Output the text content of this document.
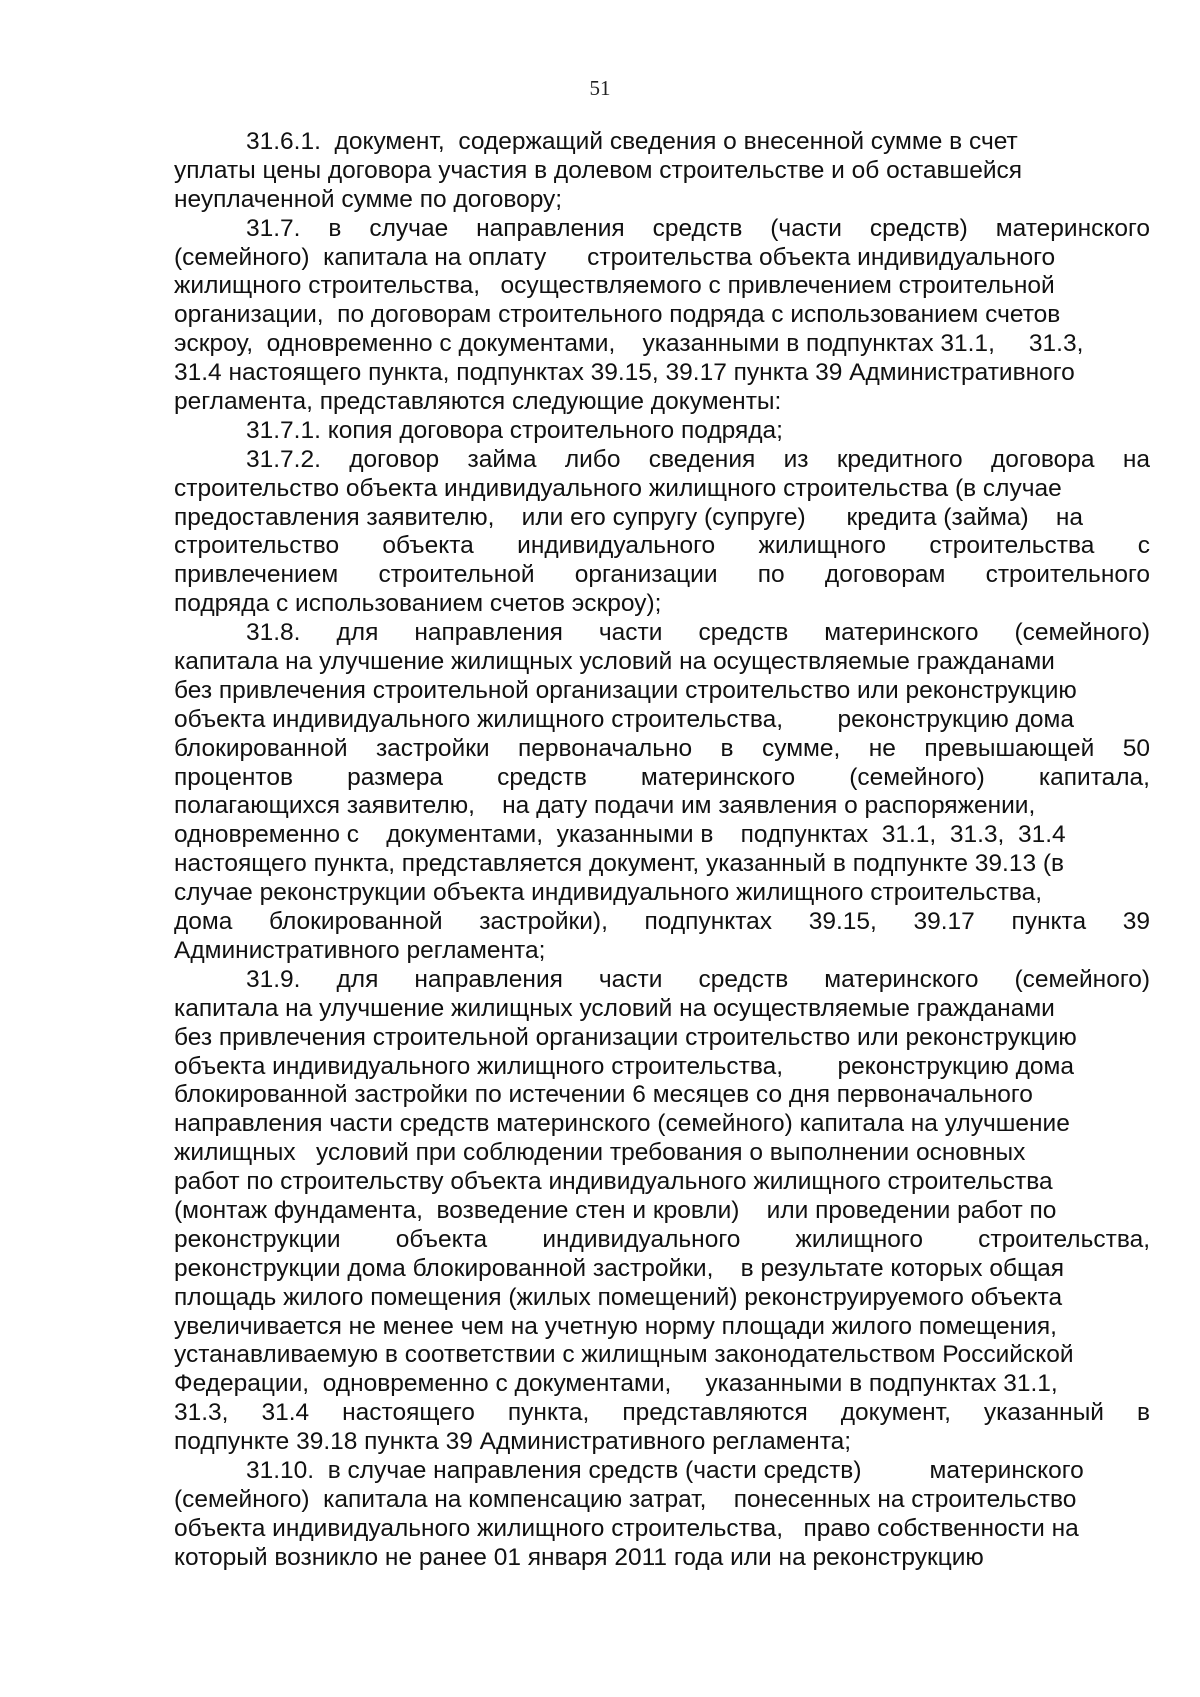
51
31.6.1.  документ,  содержащий сведения о внесенной сумме в счет
уплаты цены договора участия в долевом строительстве и об оставшейся
неуплаченной сумме по договору;
31.7. в случае направления средств (части средств) материнского
(семейного)  капитала на оплату      строительства объекта индивидуального
жилищного строительства,   осуществляемого с привлечением строительной
организации,  по договорам строительного подряда с использованием счетов
эскроу,  одновременно с документами,    указанными в подпунктах 31.1,     31.3,
31.4 настоящего пункта, подпунктах 39.15, 39.17 пункта 39 Административного
регламента, представляются следующие документы:
31.7.1. копия договора строительного подряда;
31.7.2. договор займа либо сведения из кредитного договора на
строительство объекта индивидуального жилищного строительства (в случае
предоставления заявителю,    или его супругу (супруге)      кредита (займа)    на
строительство объекта индивидуального жилищного строительства с
привлечением строительной организации по договорам строительного
подряда с использованием счетов эскроу);
31.8. для направления части средств материнского (семейного)
капитала на улучшение жилищных условий на осуществляемые гражданами
без привлечения строительной организации строительство или реконструкцию
объекта индивидуального жилищного строительства,        реконструкцию дома
блокированной застройки первоначально в сумме, не превышающей 50
процентов размера средств материнского (семейного) капитала,
полагающихся заявителю,    на дату подачи им заявления о распоряжении,
одновременно с    документами,  указанными в    подпунктах  31.1,  31.3,  31.4
настоящего пункта, представляется документ, указанный в подпункте 39.13 (в
случае реконструкции объекта индивидуального жилищного строительства,
дома блокированной застройки), подпунктах 39.15, 39.17 пункта 39
Административного регламента;
31.9. для направления части средств материнского (семейного)
капитала на улучшение жилищных условий на осуществляемые гражданами
без привлечения строительной организации строительство или реконструкцию
объекта индивидуального жилищного строительства,        реконструкцию дома
блокированной застройки по истечении 6 месяцев со дня первоначального
направления части средств материнского (семейного) капитала на улучшение
жилищных   условий при соблюдении требования о выполнении основных
работ по строительству объекта индивидуального жилищного строительства
(монтаж фундамента,  возведение стен и кровли)    или проведении работ по
реконструкции объекта индивидуального жилищного строительства,
реконструкции дома блокированной застройки,    в результате которых общая
площадь жилого помещения (жилых помещений) реконструируемого объекта
увеличивается не менее чем на учетную норму площади жилого помещения,
устанавливаемую в соответствии с жилищным законодательством Российской
Федерации,  одновременно с документами,     указанными в подпунктах 31.1,
31.3, 31.4 настоящего пункта, представляются документ, указанный в
подпункте 39.18 пункта 39 Административного регламента;
31.10.  в случае направления средств (части средств)          материнского
(семейного)  капитала на компенсацию затрат,    понесенных на строительство
объекта индивидуального жилищного строительства,   право собственности на
который возникло не ранее 01 января 2011 года или на реконструкцию
